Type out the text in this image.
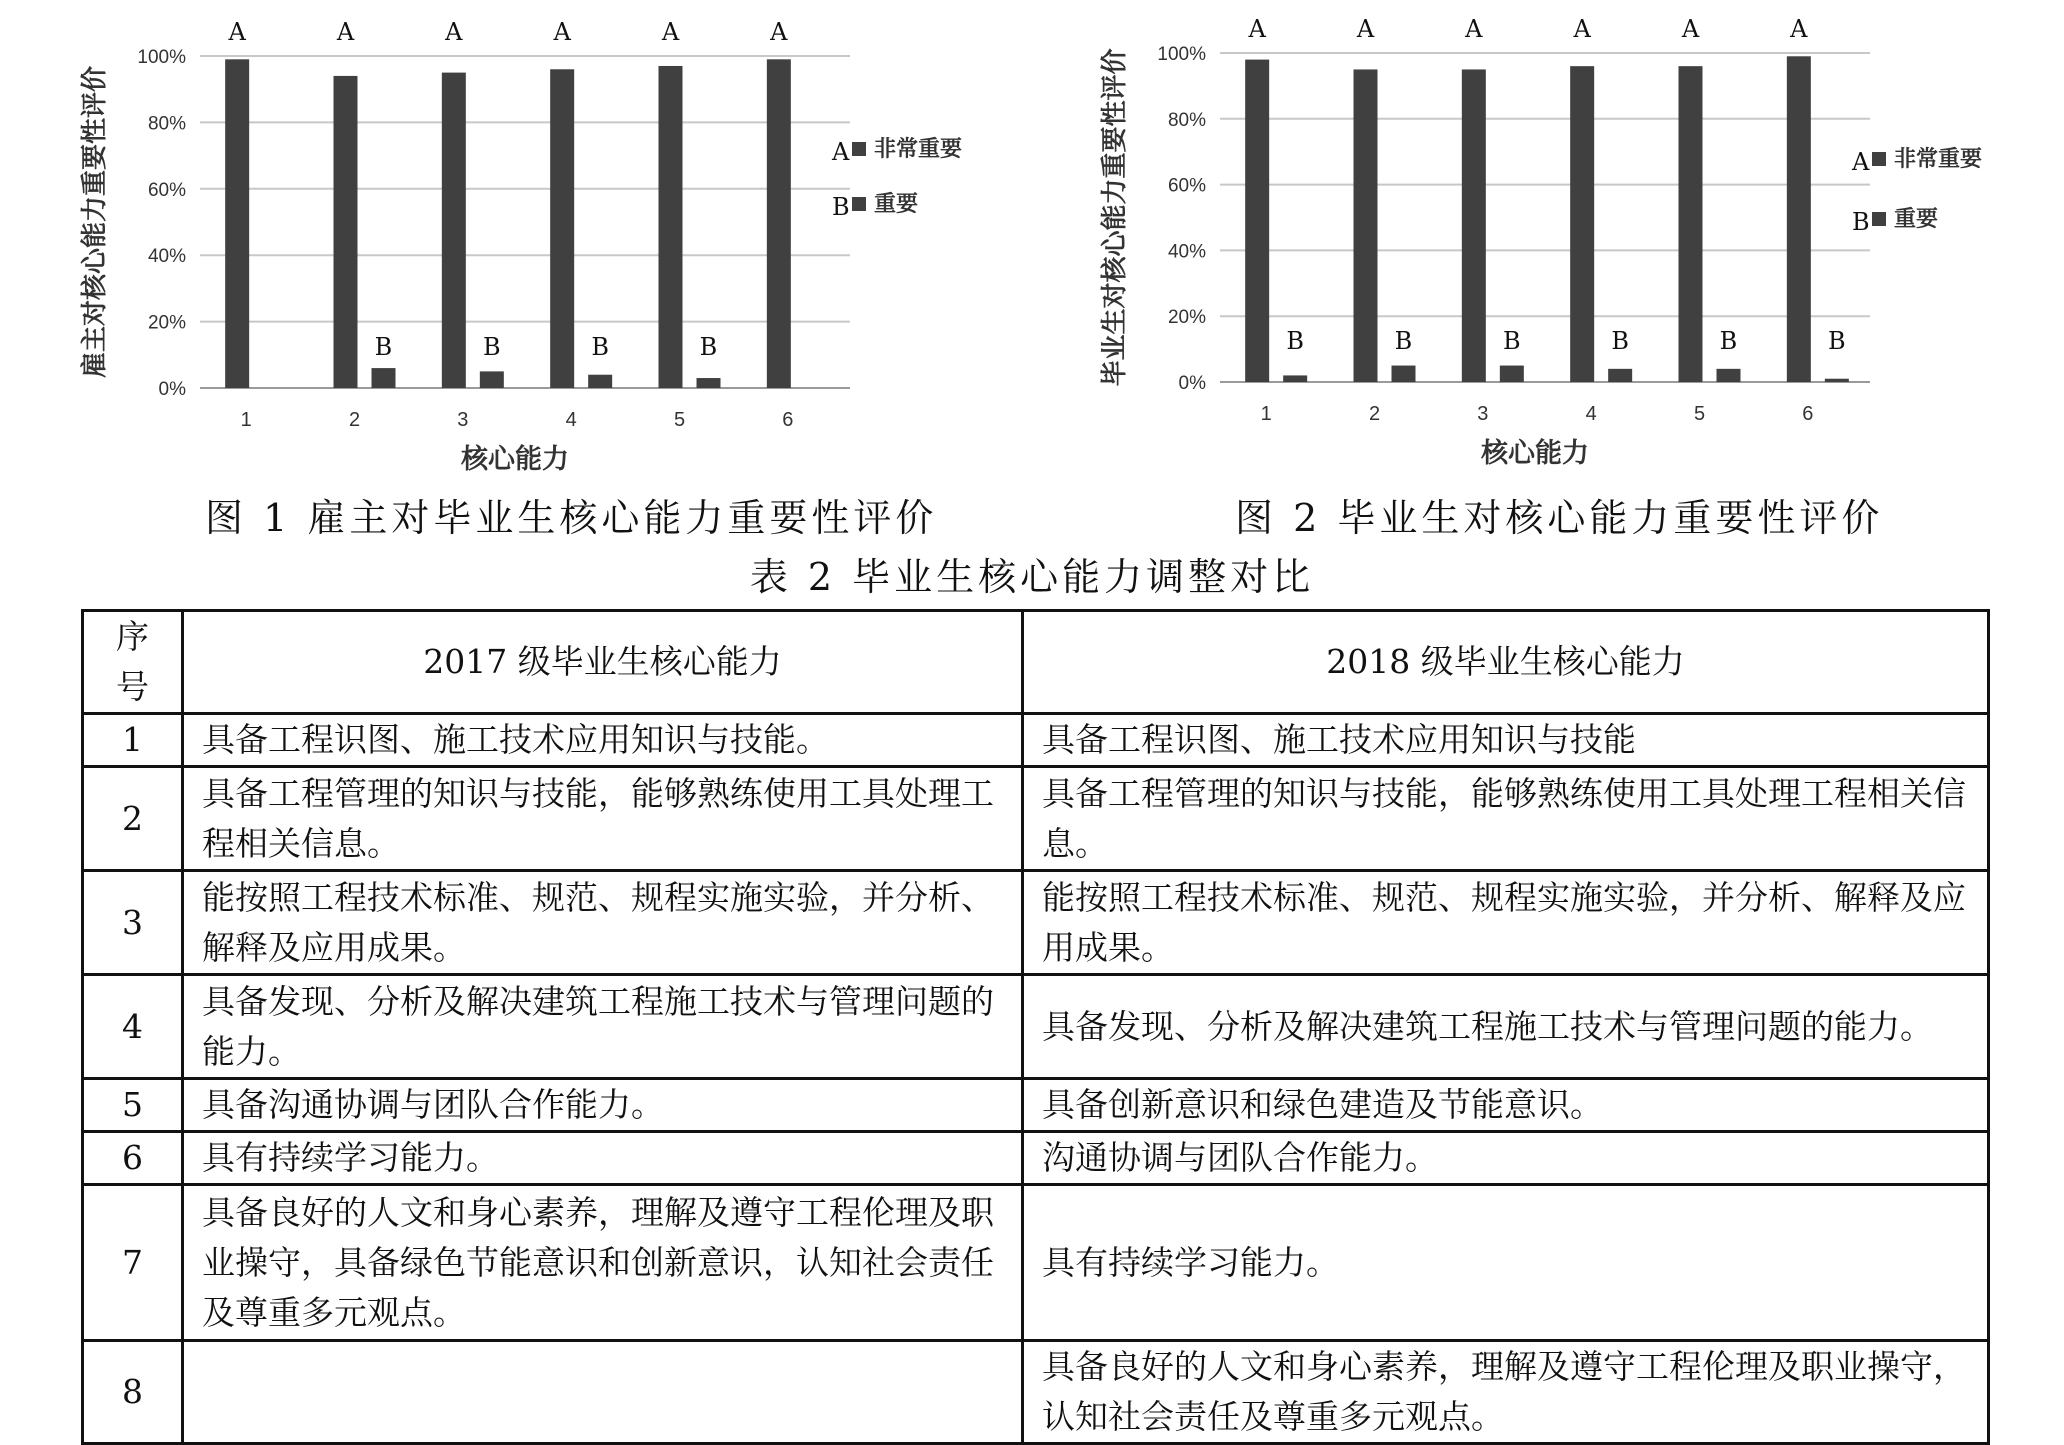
0%
20%
40%
60%
80%
100%
A
1
A
B
2
A
B
3
A
B
4
A
B
5
A
6
核心能力
雇主对核心能力重要性评价	A 非常重要
B 重要
0%
20%
40%
60%
80%
100%
A
B
1
A
B
2
A
B
3
A
B
4
A
B
5
A
B
6
核心能力
毕业生对核心能力重要性评价	A 非常重要
B 重要
图 1 雇主对毕业生核心能力重要性评价	图 2 毕业生对核心能力重要性评价
表 2 毕业生核心能力调整对比
序号	2017 级毕业生核心能力	2018 级毕业生核心能力
1	具备工程识图、施工技术应用知识与技能。	具备工程识图、施工技术应用知识与技能
2	具备工程管理的知识与技能，能够熟练使用工具处理工程相关信息。	具备工程管理的知识与技能，能够熟练使用工具处理工程相关信息。
3	能按照工程技术标准、规范、规程实施实验，并分析、解释及应用成果。	能按照工程技术标准、规范、规程实施实验，并分析、解释及应用成果。
4	具备发现、分析及解决建筑工程施工技术与管理问题的能力。	具备发现、分析及解决建筑工程施工技术与管理问题的能力。
5	具备沟通协调与团队合作能力。	具备创新意识和绿色建造及节能意识。
6	具有持续学习能力。	沟通协调与团队合作能力。
7	具备良好的人文和身心素养，理解及遵守工程伦理及职业操守，具备绿色节能意识和创新意识，认知社会责任及尊重多元观点。	具有持续学习能力。
8		具备良好的人文和身心素养，理解及遵守工程伦理及职业操守，认知社会责任及尊重多元观点。
